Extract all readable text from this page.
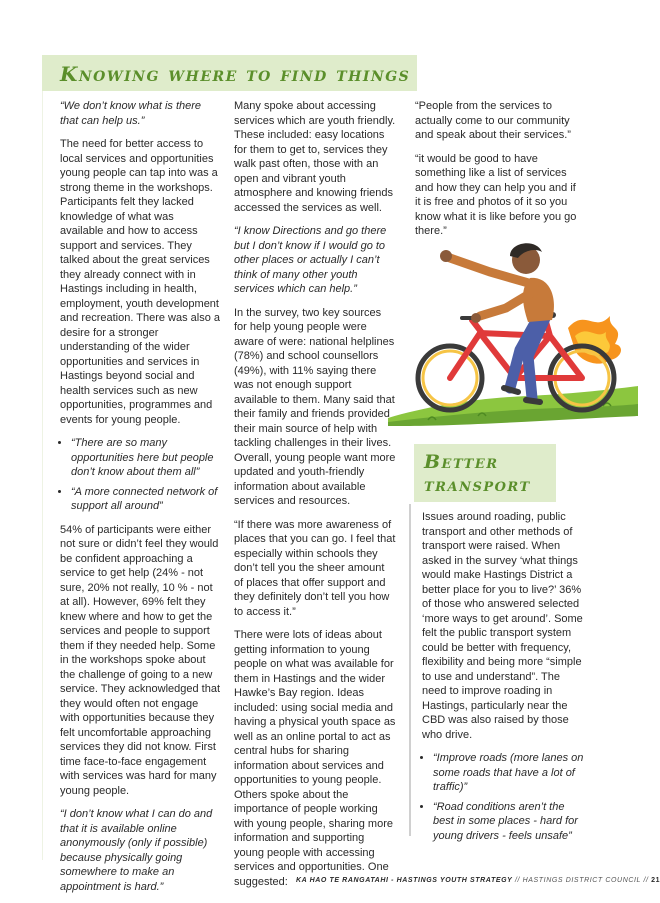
Knowing where to find things

“We don’t know what is there that can help us.”

The need for better access to local services and opportunities young people can tap into was a strong theme in the workshops. Participants felt they lacked knowledge of what was available and how to access support and services. They talked about the great services they already connect with in Hastings including in health, employment, youth development and recreation. There was also a desire for a stronger understanding of the wider opportunities and services in Hastings beyond social and health services such as new opportunities, programmes and events for young people.

• “There are so many opportunities here but people don’t know about them all”
• “A more connected network of support all around”

54% of participants were either not sure or didn’t feel they would be confident approaching a service to get help (24% - not sure, 20% not really, 10 % - not at all). However, 69% felt they knew where and how to get the services and people to support them if they needed help. Some in the workshops spoke about the challenge of going to a new service. They acknowledged that they would often not engage with opportunities because they felt uncomfortable approaching services they did not know. First time face-to-face engagement with services was hard for many young people.

“I don’t know what I can do and that it is available online anonymously (only if possible) because physically going somewhere to make an appointment is hard.”

Many spoke about accessing services which are youth friendly. These included: easy locations for them to get to, services they walk past often, those with an open and vibrant youth atmosphere and knowing friends accessed the services as well.

“I know Directions and go there but I don’t know if I would go to other places or actually I can’t think of many other youth services which can help.”

In the survey, two key sources for help young people were aware of were: national helplines (78%) and school counsellors (49%), with 11% saying there was not enough support available to them. Many said that their family and friends provided their main source of help with tackling challenges in their lives. Overall, young people want more updated and youth-friendly information about available services and resources.

“If there was more awareness of places that you can go. I feel that especially within schools they don’t tell you the sheer amount of places that offer support and they definitely don’t tell you how to access it.”

There were lots of ideas about getting information to young people on what was available for them in Hastings and the wider Hawke’s Bay region. Ideas included: using social media and having a physical youth space as well as an online portal to act as central hubs for sharing information about services and opportunities to young people. Others spoke about the importance of people working with young people, sharing more information and supporting young people with accessing services and opportunities. One suggested:

“People from the services to actually come to our community and speak about their services.”

“it would be good to have something like a list of services and how they can help you and if it is free and photos of it so you know what it is like before you go there.”

Better
transport

Issues around roading, public transport and other methods of transport were raised. When asked in the survey ‘what things would make Hastings District a better place for you to live?’ 36% of those who answered selected ‘more ways to get around’. Some felt the public transport system could be better with frequency, flexibility and being more “simple to use and understand”. The need to improve roading in Hastings, particularly near the CBD was also raised by those who drive.

• “Improve roads (more lanes on some roads that have a lot of traffic)”
• “Road conditions aren’t the best in some places - hard for young drivers - feels unsafe”
KA HAO TE RANGATAHI - HASTINGS YOUTH STRATEGY // HASTINGS DISTRICT COUNCIL // 21
